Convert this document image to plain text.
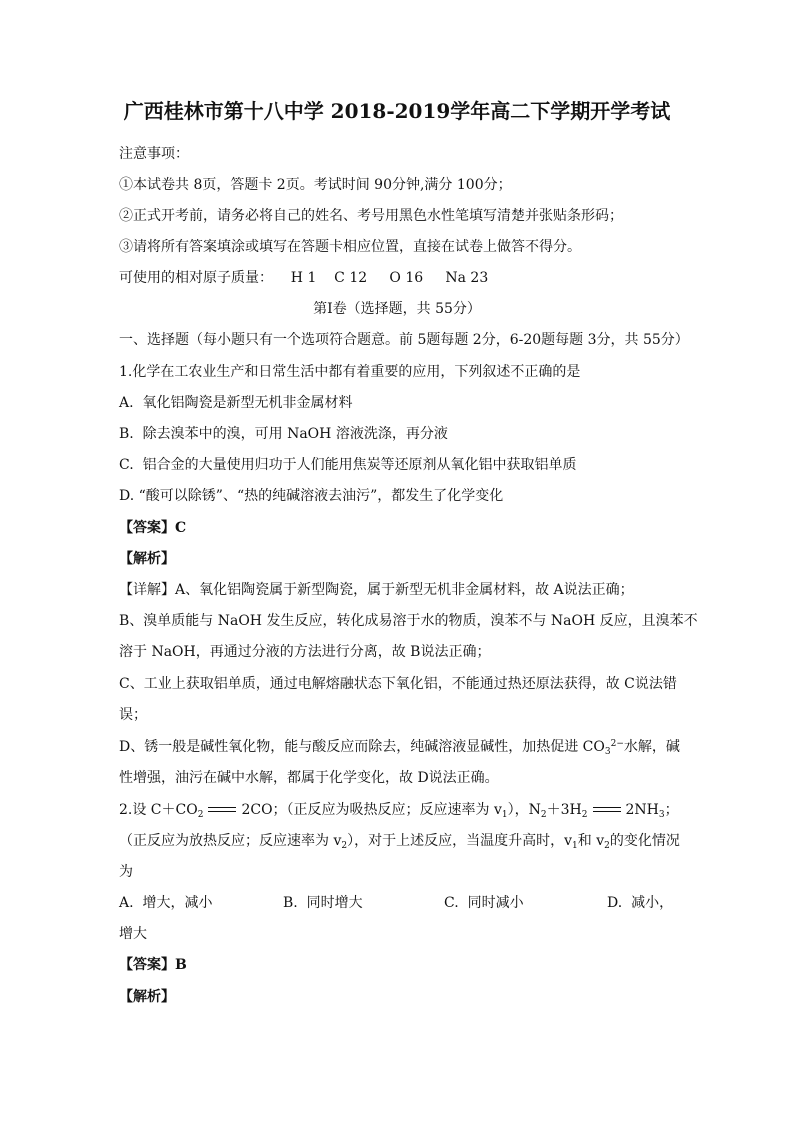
广西桂林市第十八中学 2018-2019学年高二下学期开学考试
注意事项：
①本试卷共 8页，答题卡 2页。考试时间 90分钟,满分 100分；
②正式开考前，请务必将自己的姓名、考号用黑色水性笔填写清楚并张贴条形码；
③请将所有答案填涂或填写在答题卡相应位置，直接在试卷上做答不得分。
可使用的相对原子质量：    H 1    C 12     O 16     Na 23
第Ⅰ卷（选择题，共 55分）
一、选择题（每小题只有一个选项符合题意。前 5题每题 2分，6-20题每题 3分，共 55分）
1.化学在工农业生产和日常生活中都有着重要的应用，下列叙述不正确的是
A.  氧化铝陶瓷是新型无机非金属材料
B.  除去溴苯中的溴，可用 NaOH 溶液洗涤，再分液
C.  铝合金的大量使用归功于人们能用焦炭等还原剂从氧化铝中获取铝单质
D. “酸可以除锈”、“热的纯碱溶液去油污”，都发生了化学变化
【答案】C
【解析】
【详解】A、氧化铝陶瓷属于新型陶瓷，属于新型无机非金属材料，故 A说法正确；
B、溴单质能与 NaOH 发生反应，转化成易溶于水的物质，溴苯不与 NaOH 反应，且溴苯不
溶于 NaOH，再通过分液的方法进行分离，故 B说法正确；
C、工业上获取铝单质，通过电解熔融状态下氧化铝，不能通过热还原法获得，故 C说法错
误；
D、锈一般是碱性氧化物，能与酸反应而除去，纯碱溶液显碱性，加热促进 $CO_3^{2-}$水解，碱
性增强，油污在碱中水解，都属于化学变化，故 D说法正确。
2.设 $C+CO_2$	2CO；（正反应为吸热反应；反应速率为 $v_1$），$N_2+3H_2$	$2NH_3$；
（正反应为放热反应；反应速率为 $v_2$），对于上述反应，当温度升高时，$v_1$和 $v_2$的变化情况
为
A.  增大，减小	B.  同时增大	C.  同时减小	D.  减小，
增大
【答案】B
【解析】
